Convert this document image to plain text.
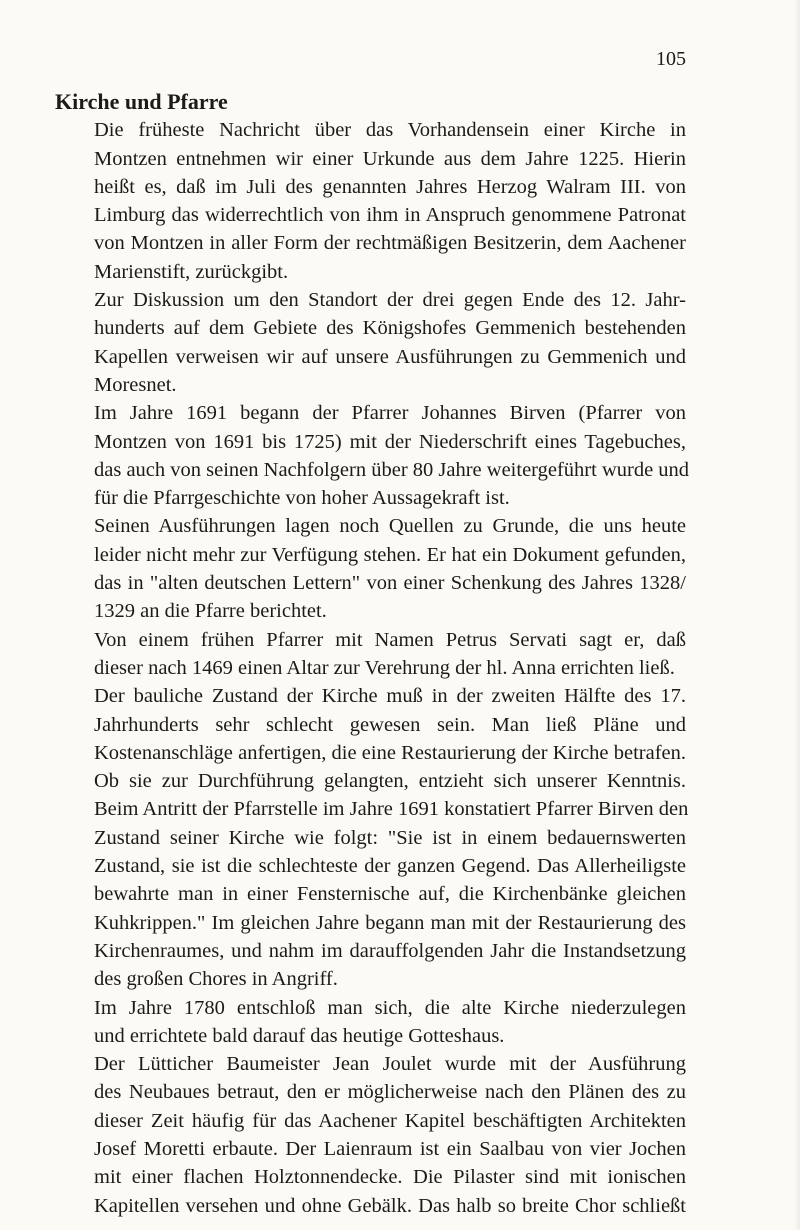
105
Kirche und Pfarre

Die früheste Nachricht über das Vorhandensein einer Kirche in
Montzen entnehmen wir einer Urkunde aus dem Jahre 1225. Hierin
heißt es, daß im Juli des genannten Jahres Herzog Walram III. von
Limburg das widerrechtlich von ihm in Anspruch genommene Patronat
von Montzen in aller Form der rechtmäßigen Besitzerin, dem Aachener
Marienstift, zurückgibt.

Zur Diskussion um den Standort der drei gegen Ende des 12. Jahr-
hunderts auf dem Gebiete des Königshofes Gemmenich bestehenden
Kapellen verweisen wir auf unsere Ausführungen zu Gemmenich und
Moresnet.

Im Jahre 1691 begann der Pfarrer Johannes Birven (Pfarrer von
Montzen von 1691 bis 1725) mit der Niederschrift eines Tagebuches,
das auch von seinen Nachfolgern über 80 Jahre weitergeführt wurde und
für die Pfarrgeschichte von hoher Aussagekraft ist.

Seinen Ausführungen lagen noch Quellen zu Grunde, die uns heute
leider nicht mehr zur Verfügung stehen. Er hat ein Dokument gefunden,
das in "alten deutschen Lettern" von einer Schenkung des Jahres 1328/
1329 an die Pfarre berichtet.

Von einem frühen Pfarrer mit Namen Petrus Servati sagt er, daß
dieser nach 1469 einen Altar zur Verehrung der hl. Anna errichten ließ.

Der bauliche Zustand der Kirche muß in der zweiten Hälfte des 17.
Jahrhunderts sehr schlecht gewesen sein. Man ließ Pläne und
Kostenanschläge anfertigen, die eine Restaurierung der Kirche betrafen.
Ob sie zur Durchführung gelangten, entzieht sich unserer Kenntnis.
Beim Antritt der Pfarrstelle im Jahre 1691 konstatiert Pfarrer Birven den
Zustand seiner Kirche wie folgt: "Sie ist in einem bedauernswerten
Zustand, sie ist die schlechteste der ganzen Gegend. Das Allerheiligste
bewahrte man in einer Fensternische auf, die Kirchenbänke gleichen
Kuhkrippen." Im gleichen Jahre begann man mit der Restaurierung des
Kirchenraumes, und nahm im darauffolgenden Jahr die Instandsetzung
des großen Chores in Angriff.

Im Jahre 1780 entschloß man sich, die alte Kirche niederzulegen
und errichtete bald darauf das heutige Gotteshaus.

Der Lütticher Baumeister Jean Joulet wurde mit der Ausführung
des Neubaues betraut, den er möglicherweise nach den Plänen des zu
dieser Zeit häufig für das Aachener Kapitel beschäftigten Architekten
Josef Moretti erbaute. Der Laienraum ist ein Saalbau von vier Jochen
mit einer flachen Holztonnendecke. Die Pilaster sind mit ionischen
Kapitellen versehen und ohne Gebälk. Das halb so breite Chor schließt
